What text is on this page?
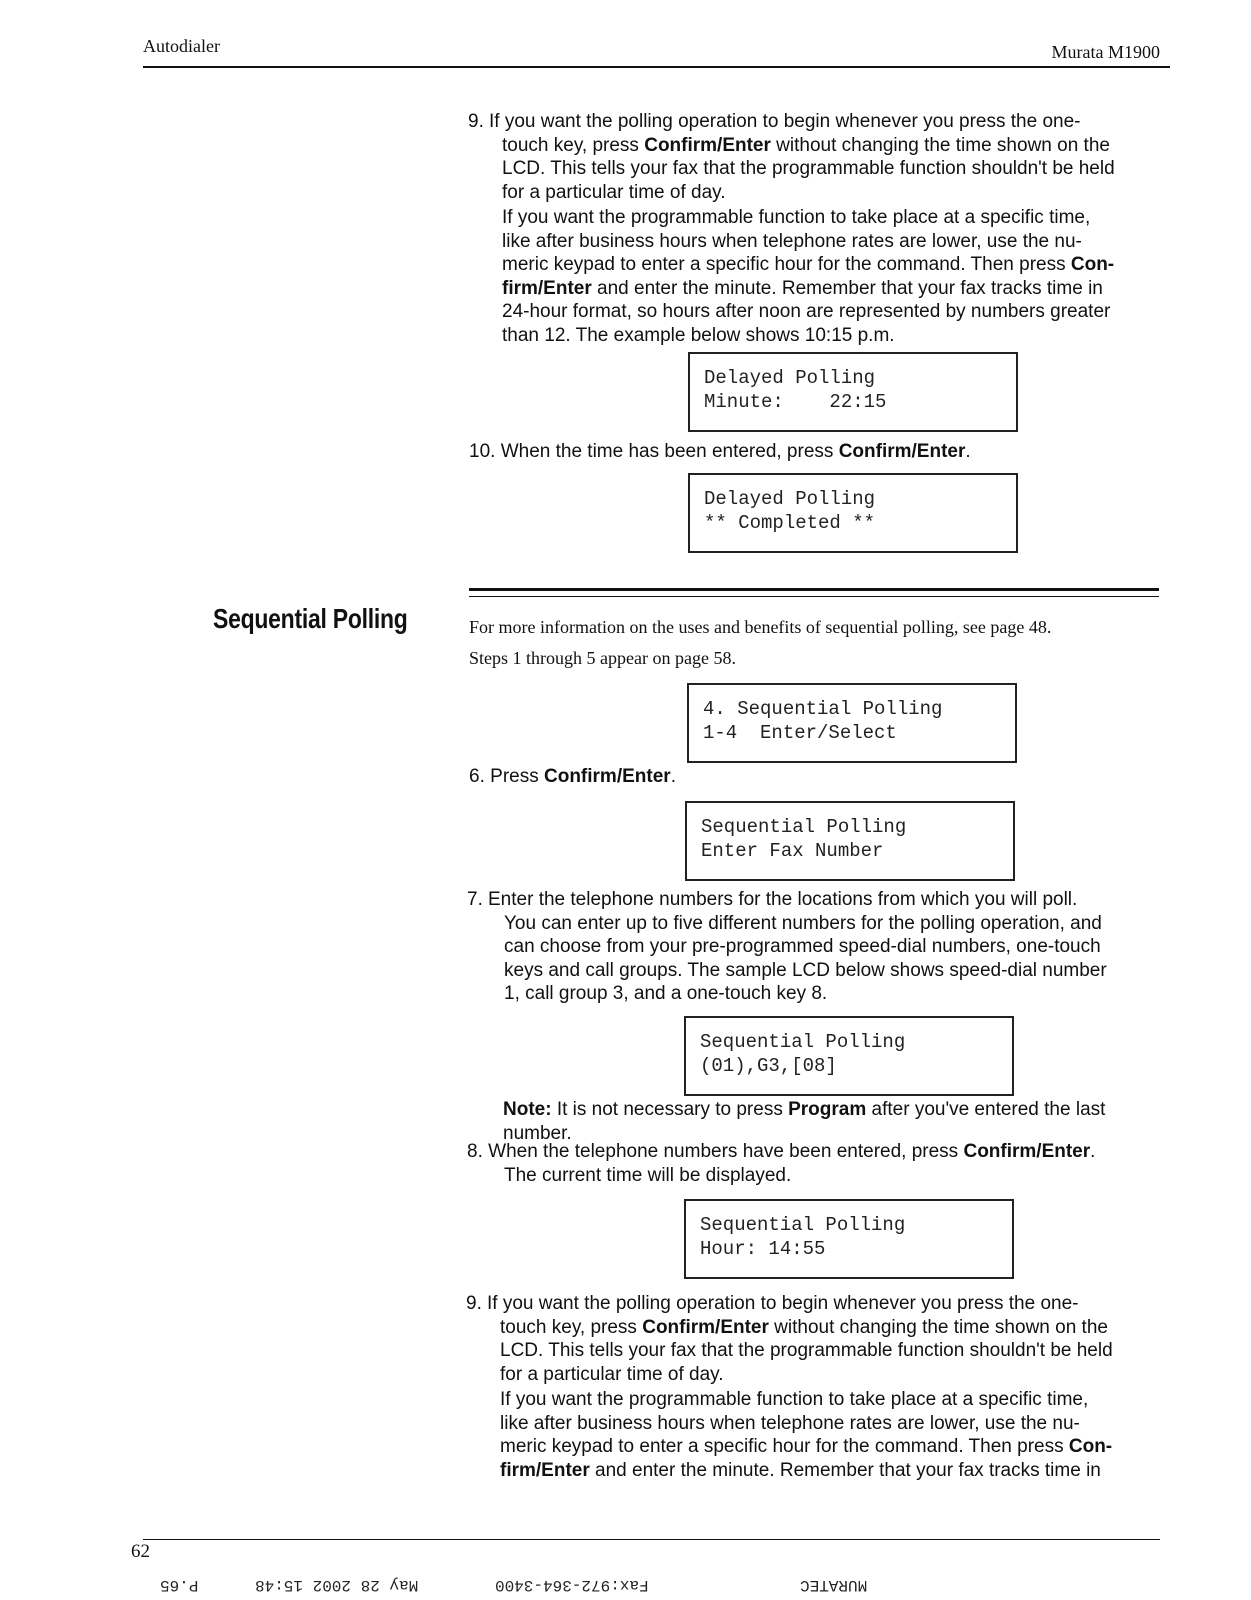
Autodialer	Murata M1900
9. If you want the polling operation to begin whenever you press the one-

touch key, press Confirm/Enter without changing the time shown on the

LCD. This tells your fax that the programmable function shouldn't be held

for a particular time of day.

If you want the programmable function to take place at a specific time,

like after business hours when telephone rates are lower, use the nu-

meric keypad to enter a specific hour for the command. Then press Con-

firm/Enter and enter the minute. Remember that your fax tracks time in

24-hour format, so hours after noon are represented by numbers greater

than 12. The example below shows 10:15 p.m.

Delayed Polling
Minute:    22:15
10. When the time has been entered, press Confirm/Enter.
Delayed Polling
** Completed **
Sequential Polling	For more information on the uses and benefits of sequential polling, see page 48.
Steps 1 through 5 appear on page 58.
4. Sequential Polling
1-4  Enter/Select
6. Press Confirm/Enter.
Sequential Polling
Enter Fax Number
7. Enter the telephone numbers for the locations from which you will poll.

You can enter up to five different numbers for the polling operation, and

can choose from your pre-programmed speed-dial numbers, one-touch

keys and call groups. The sample LCD below shows speed-dial number

1, call group 3, and a one-touch key 8.

Sequential Polling
(01),G3,[08]
Note: It is not necessary to press Program after you've entered the last
number.
8. When the telephone numbers have been entered, press Confirm/Enter.
The current time will be displayed.
Sequential Polling
Hour: 14:55
9. If you want the polling operation to begin whenever you press the one-

touch key, press Confirm/Enter without changing the time shown on the

LCD. This tells your fax that the programmable function shouldn't be held

for a particular time of day.

If you want the programmable function to take place at a specific time,

like after business hours when telephone rates are lower, use the nu-

meric keypad to enter a specific hour for the command. Then press Con-

firm/Enter and enter the minute. Remember that your fax tracks time in

62
MURATEC
Fax:972-364-3400
May 28 2002 15:48
P.65
